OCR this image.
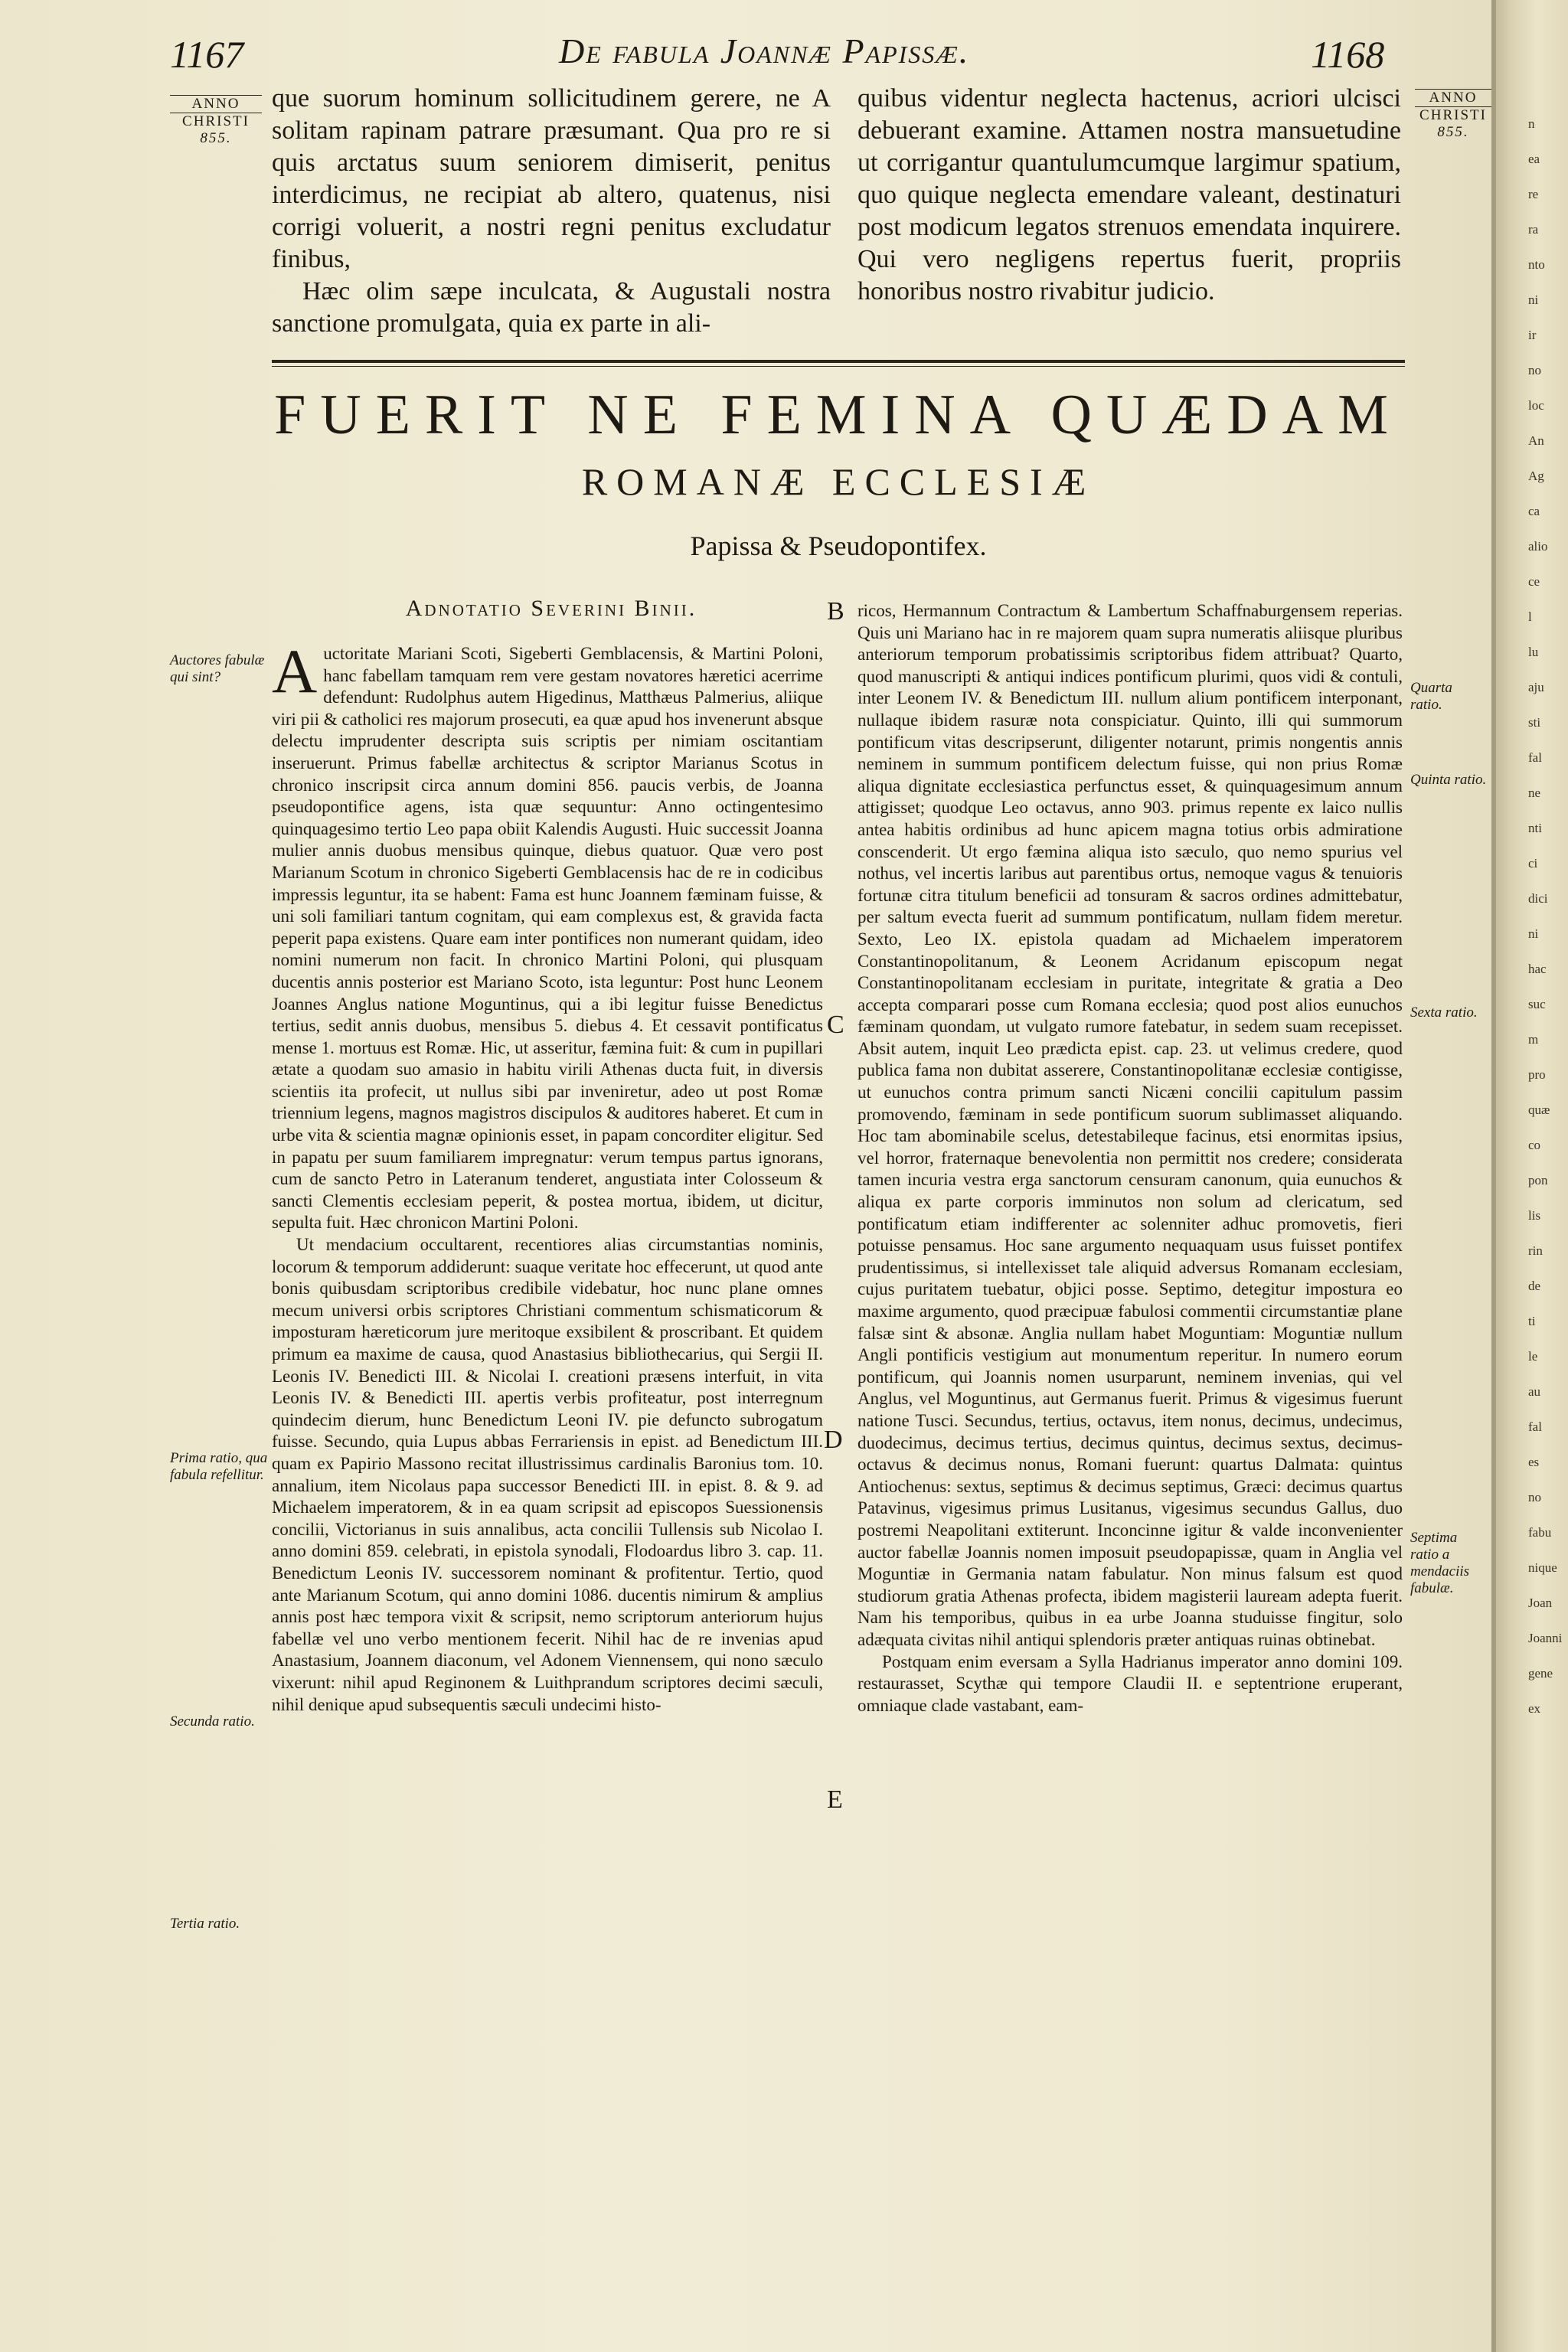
1167	De fabula Joannæ Papissæ.	1168
ANNO
CHRISTI
855.
ANNO
CHRISTI
855.

que suorum hominum sollicitudinem gerere, ne A solitam rapinam patrare præsumant. Qua pro re si quis arctatus suum seniorem dimiserit, penitus interdicimus, ne recipiat ab altero, quatenus, nisi corrigi voluerit, a nostri regni penitus excludatur finibus,

Hæc olim sæpe inculcata, & Augustali nostra sanctione promulgata, quia ex parte in ali-

quibus videntur neglecta hactenus, acriori ulcisci debuerant examine. Attamen nostra mansuetudine ut corrigantur quantulumcumque largimur spatium, quo quique neglecta emendare valeant, destinaturi post modicum legatos strenuos emendata inquirere. Qui vero negligens repertus fuerit, propriis honoribus nostro rivabitur judicio.

FUERIT NE FEMINA QUÆDAM
ROMANÆ ECCLESIÆ
Papissa & Pseudopontifex.
Adnotatio Severini Binii.

Auctoritate Mariani Scoti, Sigeberti Gemblacensis, & Martini Poloni, hanc fabellam tamquam rem vere gestam novatores hæretici acerrime defendunt: Rudolphus autem Higedinus, Matthæus Palmerius, aliique viri pii & catholici res majorum prosecuti, ea quæ apud hos invenerunt absque delectu imprudenter descripta suis scriptis per nimiam oscitantiam inseruerunt. Primus fabellæ architectus & scriptor Marianus Scotus in chronico inscripsit circa annum domini 856. paucis verbis, de Joanna pseudopontifice agens, ista quæ sequuntur: Anno octingentesimo quinquagesimo tertio Leo papa obiit Kalendis Augusti. Huic successit Joanna mulier annis duobus mensibus quinque, diebus quatuor. Quæ vero post Marianum Scotum in chronico Sigeberti Gemblacensis hac de re in codicibus impressis leguntur, ita se habent: Fama est hunc Joannem fæminam fuisse, & uni soli familiari tantum cognitam, qui eam complexus est, & gravida facta peperit papa existens. Quare eam inter pontifices non numerant quidam, ideo nomini numerum non facit. In chronico Martini Poloni, qui plusquam ducentis annis posterior est Mariano Scoto, ista leguntur: Post hunc Leonem Joannes Anglus natione Moguntinus, qui a ibi legitur fuisse Benedictus tertius, sedit annis duobus, mensibus 5. diebus 4. Et cessavit pontificatus mense 1. mortuus est Romæ. Hic, ut asseritur, fæmina fuit: & cum in pupillari ætate a quodam suo amasio in habitu virili Athenas ducta fuit, in diversis scientiis ita profecit, ut nullus sibi par inveniretur, adeo ut post Romæ triennium legens, magnos magistros discipulos & auditores haberet. Et cum in urbe vita & scientia magnæ opinionis esset, in papam concorditer eligitur. Sed in papatu per suum familiarem impregnatur: verum tempus partus ignorans, cum de sancto Petro in Lateranum tenderet, angustiata inter Colosseum & sancti Clementis ecclesiam peperit, & postea mortua, ibidem, ut dicitur, sepulta fuit. Hæc chronicon Martini Poloni.

Ut mendacium occultarent, recentiores alias circumstantias nominis, locorum & temporum addiderunt: suaque veritate hoc effecerunt, ut quod ante bonis quibusdam scriptoribus credibile videbatur, hoc nunc plane omnes mecum universi orbis scriptores Christiani commentum schismaticorum & imposturam hæreticorum jure meritoque exsibilent & proscribant. Et quidem primum ea maxime de causa, quod Anastasius bibliothecarius, qui Sergii II. Leonis IV. Benedicti III. & Nicolai I. creationi præsens interfuit, in vita Leonis IV. & Benedicti III. apertis verbis profiteatur, post interregnum quindecim dierum, hunc Benedictum Leoni IV. pie defuncto subrogatum fuisse. Secundo, quia Lupus abbas Ferrariensis in epist. ad Benedictum III. quam ex Papirio Massono recitat illustrissimus cardinalis Baronius tom. 10. annalium, item Nicolaus papa successor Benedicti III. in epist. 8. & 9. ad Michaelem imperatorem, & in ea quam scripsit ad episcopos Suessionensis concilii, Victorianus in suis annalibus, acta concilii Tullensis sub Nicolao I. anno domini 859. celebrati, in epistola synodali, Flodoardus libro 3. cap. 11. Benedictum Leonis IV. successorem nominant & profitentur. Tertio, quod ante Marianum Scotum, qui anno domini 1086. ducentis nimirum & amplius annis post hæc tempora vixit & scripsit, nemo scriptorum anteriorum hujus fabellæ vel uno verbo mentionem fecerit. Nihil hac de re invenias apud Anastasium, Joannem diaconum, vel Adonem Viennensem, qui nono sæculo vixerunt: nihil apud Reginonem & Luithprandum scriptores decimi sæculi, nihil denique apud subsequentis sæculi undecimi histo-

Auctores fabulæ qui sint?
Prima ratio, qua fabula refellitur.
Secunda ratio.
Tertia ratio.
B
C
D
E

ricos, Hermannum Contractum & Lambertum Schaffnaburgensem reperias. Quis uni Mariano hac in re majorem quam supra numeratis aliisque pluribus anteriorum temporum probatissimis scriptoribus fidem attribuat? Quarto, quod manuscripti & antiqui indices pontificum plurimi, quos vidi & contuli, inter Leonem IV. & Benedictum III. nullum alium pontificem interponant, nullaque ibidem rasuræ nota conspiciatur. Quinto, illi qui summorum pontificum vitas descripserunt, diligenter notarunt, primis nongentis annis neminem in summum pontificem delectum fuisse, qui non prius Romæ aliqua dignitate ecclesiastica perfunctus esset, & quinquagesimum annum attigisset; quodque Leo octavus, anno 903. primus repente ex laico nullis antea habitis ordinibus ad hunc apicem magna totius orbis admiratione conscenderit. Ut ergo fæmina aliqua isto sæculo, quo nemo spurius vel nothus, vel incertis laribus aut parentibus ortus, nemoque vagus & tenuioris fortunæ citra titulum beneficii ad tonsuram & sacros ordines admittebatur, per saltum evecta fuerit ad summum pontificatum, nullam fidem meretur. Sexto, Leo IX. epistola quadam ad Michaelem imperatorem Constantinopolitanum, & Leonem Acridanum episcopum negat Constantinopolitanam ecclesiam in puritate, integritate & gratia a Deo accepta comparari posse cum Romana ecclesia; quod post alios eunuchos fæminam quondam, ut vulgato rumore fatebatur, in sedem suam recepisset. Absit autem, inquit Leo prædicta epist. cap. 23. ut velimus credere, quod publica fama non dubitat asserere, Constantinopolitanæ ecclesiæ contigisse, ut eunuchos contra primum sancti Nicæni concilii capitulum passim promovendo, fæminam in sede pontificum suorum sublimasset aliquando. Hoc tam abominabile scelus, detestabileque facinus, etsi enormitas ipsius, vel horror, fraternaque benevolentia non permittit nos credere; considerata tamen incuria vestra erga sanctorum censuram canonum, quia eunuchos & aliqua ex parte corporis imminutos non solum ad clericatum, sed pontificatum etiam indifferenter ac solenniter adhuc promovetis, fieri potuisse pensamus. Hoc sane argumento nequaquam usus fuisset pontifex prudentissimus, si intellexisset tale aliquid adversus Romanam ecclesiam, cujus puritatem tuebatur, objici posse. Septimo, detegitur impostura eo maxime argumento, quod præcipuæ fabulosi commentii circumstantiæ plane falsæ sint & absonæ. Anglia nullam habet Moguntiam: Moguntiæ nullum Angli pontificis vestigium aut monumentum reperitur. In numero eorum pontificum, qui Joannis nomen usurparunt, neminem invenias, qui vel Anglus, vel Moguntinus, aut Germanus fuerit. Primus & vigesimus fuerunt natione Tusci. Secundus, tertius, octavus, item nonus, decimus, undecimus, duodecimus, decimus tertius, decimus quintus, decimus sextus, decimus-octavus & decimus nonus, Romani fuerunt: quartus Dalmata: quintus Antiochenus: sextus, septimus & decimus septimus, Græci: decimus quartus Patavinus, vigesimus primus Lusitanus, vigesimus secundus Gallus, duo postremi Neapolitani extiterunt. Inconcinne igitur & valde inconvenienter auctor fabellæ Joannis nomen imposuit pseudopapissæ, quam in Anglia vel Moguntiæ in Germania natam fabulatur. Non minus falsum est quod studiorum gratia Athenas profecta, ibidem magisterii lauream adepta fuerit. Nam his temporibus, quibus in ea urbe Joanna studuisse fingitur, solo adæquata civitas nihil antiqui splendoris præter antiquas ruinas obtinebat.

Postquam enim eversam a Sylla Hadrianus imperator anno domini 109. restaurasset, Scythæ qui tempore Claudii II. e septentrione eruperant, omniaque clade vastabant, eam-

Quarta ratio.
Quinta ratio.
Sexta ratio.
Septima ratio a mendaciis fabulæ.
n
ea
re
ra
nto
ni
ir
no
loc
An
Ag
ca
alio
ce
l
lu
aju
sti
fal
ne
nti
ci
dici
ni
hac
suc
m
pro
quæ
co
pon
lis
rin
de
ti
le
au
fal
es
no
fabu
nique
Joan
Joanni
gene
ex
